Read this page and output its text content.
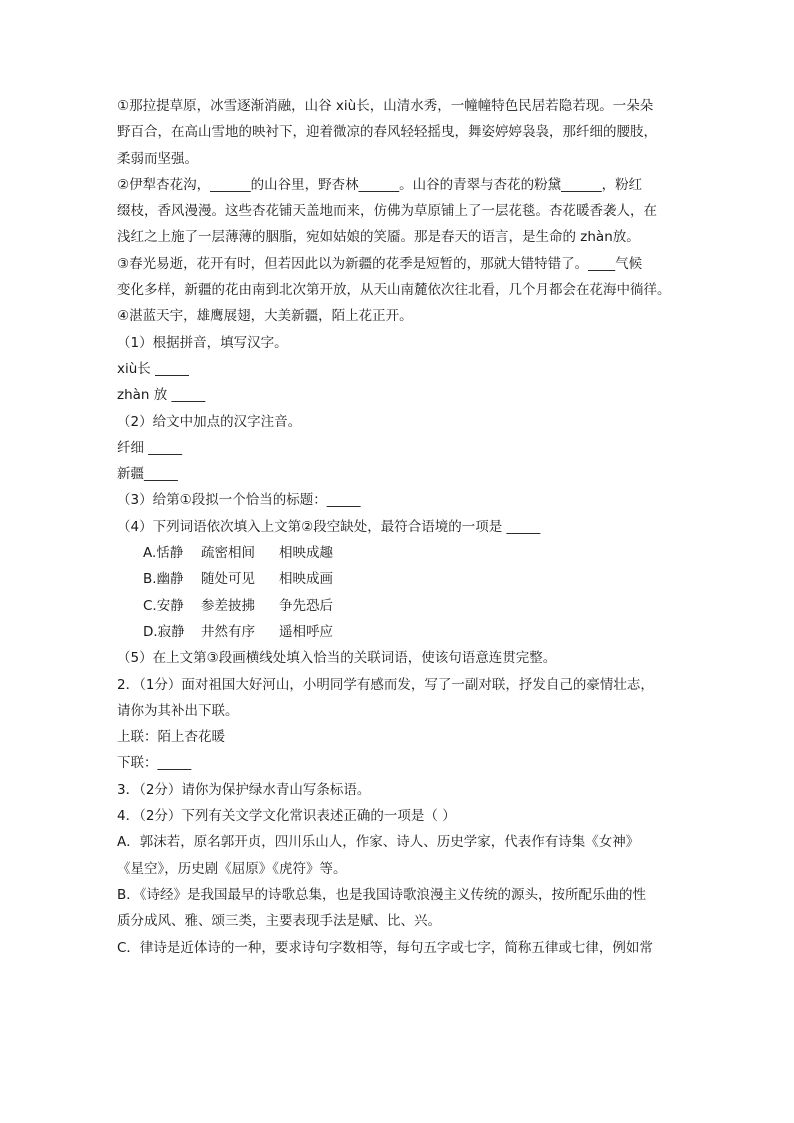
①那拉提草原，冰雪逐渐消融，山谷 xiù长，山清水秀，一幢幢特色民居若隐若现。一朵朵
野百合，在高山雪地的映衬下，迎着微凉的春风轻轻摇曳，舞姿婷婷袅袅，那纤细的腰肢，
柔弱而坚强。
②伊犁杏花沟，______的山谷里，野杏林______。山谷的青翠与杏花的粉黛______，粉红
缀枝，香风漫漫。这些杏花铺天盖地而来，仿佛为草原铺上了一层花毯。杏花暖香袭人，在
浅红之上施了一层薄薄的胭脂，宛如姑娘的笑靥。那是春天的语言，是生命的 zhàn放。
③春光易逝，花开有时，但若因此以为新疆的花季是短暂的，那就大错特错了。____气候
变化多样，新疆的花由南到北次第开放，从天山南麓依次往北看，几个月都会在花海中徜徉。
④湛蓝天宇，雄鹰展翅，大美新疆，陌上花正开。
（1）根据拼音，填写汉字。
xiù长 _____
zhàn 放 _____
（2）给文中加点的汉字注音。
纤细 _____
新疆_____
（3）给第①段拟一个恰当的标题：_____
（4）下列词语依次填入上文第②段空缺处，最符合语境的一项是 _____
A.恬静 疏密相间 相映成趣
B.幽静 随处可见 相映成画
C.安静 参差披拂 争先恐后
D.寂静 井然有序 遥相呼应
（5）在上文第③段画横线处填入恰当的关联词语，使该句语意连贯完整。
2．（1分）面对祖国大好河山，小明同学有感而发，写了一副对联，抒发自己的豪情壮志，
请你为其补出下联。
上联：陌上杏花暖
下联：_____
3．（2分）请你为保护绿水青山写条标语。
4．（2分）下列有关文学文化常识表述正确的一项是（ ）
A．郭沫若，原名郭开贞，四川乐山人，作家、诗人、历史学家，代表作有诗集《女神》
《星空》，历史剧《屈原》《虎符》等。
B．《诗经》是我国最早的诗歌总集，也是我国诗歌浪漫主义传统的源头，按所配乐曲的性
质分成风、雅、颂三类，主要表现手法是赋、比、兴。
C．律诗是近体诗的一种，要求诗句字数相等，每句五字或七字，简称五律或七律，例如常
